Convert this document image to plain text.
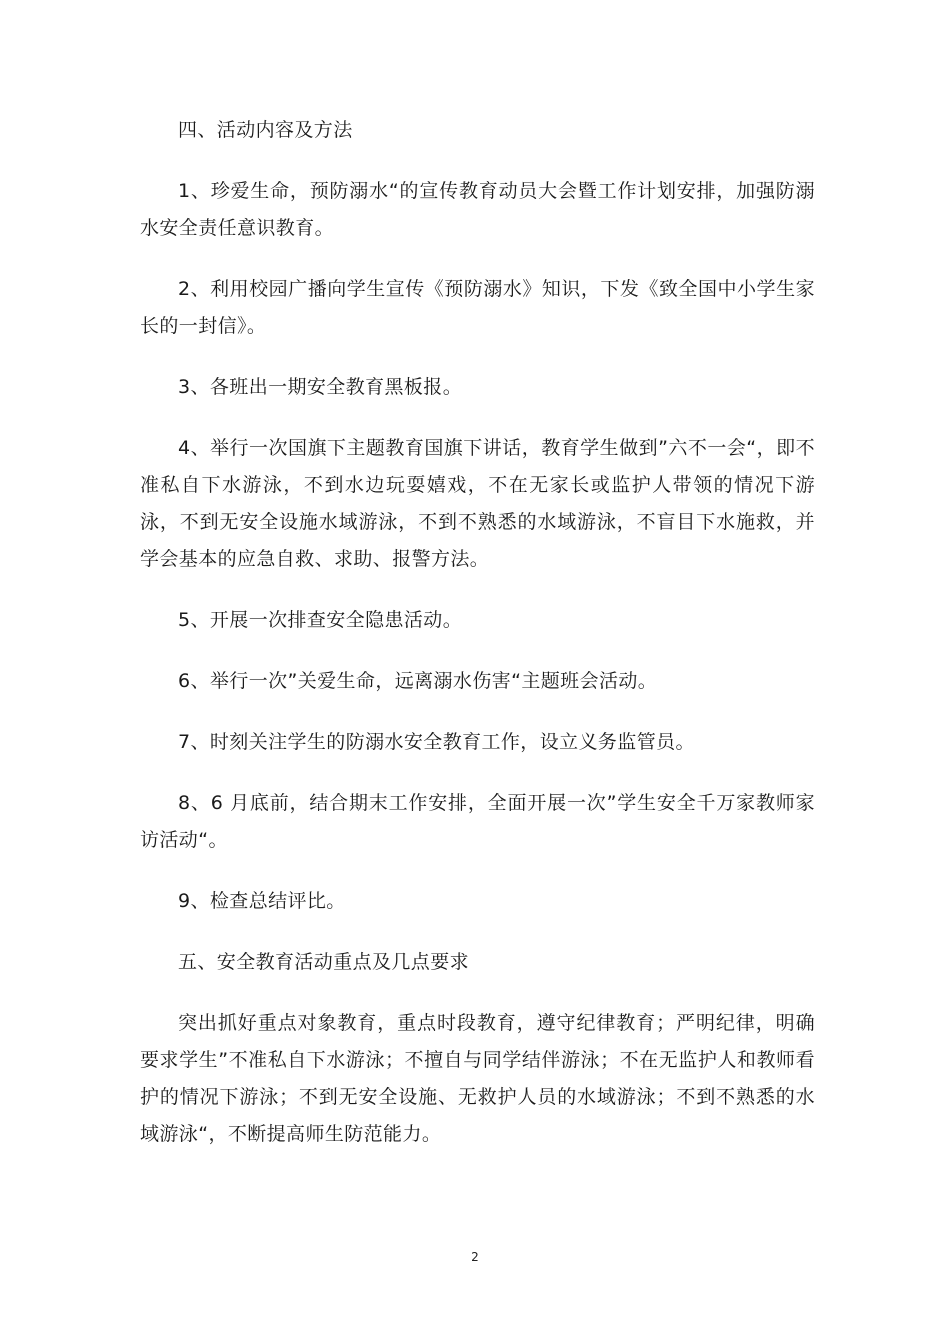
四、活动内容及方法

1、珍爱生命，预防溺水“的宣传教育动员大会暨工作计划安排，加强防溺水安全责任意识教育。

2、利用校园广播向学生宣传《预防溺水》知识，下发《致全国中小学生家长的一封信》。

3、各班出一期安全教育黑板报。

4、举行一次国旗下主题教育国旗下讲话，教育学生做到”六不一会“，即不准私自下水游泳，不到水边玩耍嬉戏，不在无家长或监护人带领的情况下游泳，不到无安全设施水域游泳，不到不熟悉的水域游泳，不盲目下水施救，并学会基本的应急自救、求助、报警方法。

5、开展一次排查安全隐患活动。

6、举行一次”关爱生命，远离溺水伤害“主题班会活动。

7、时刻关注学生的防溺水安全教育工作，设立义务监管员。

8、6 月底前，结合期末工作安排，全面开展一次”学生安全千万家教师家访活动“。

9、检查总结评比。

五、安全教育活动重点及几点要求

突出抓好重点对象教育，重点时段教育，遵守纪律教育；严明纪律，明确要求学生”不准私自下水游泳；不擅自与同学结伴游泳；不在无监护人和教师看护的情况下游泳；不到无安全设施、无救护人员的水域游泳；不到不熟悉的水域游泳“，不断提高师生防范能力。

2
